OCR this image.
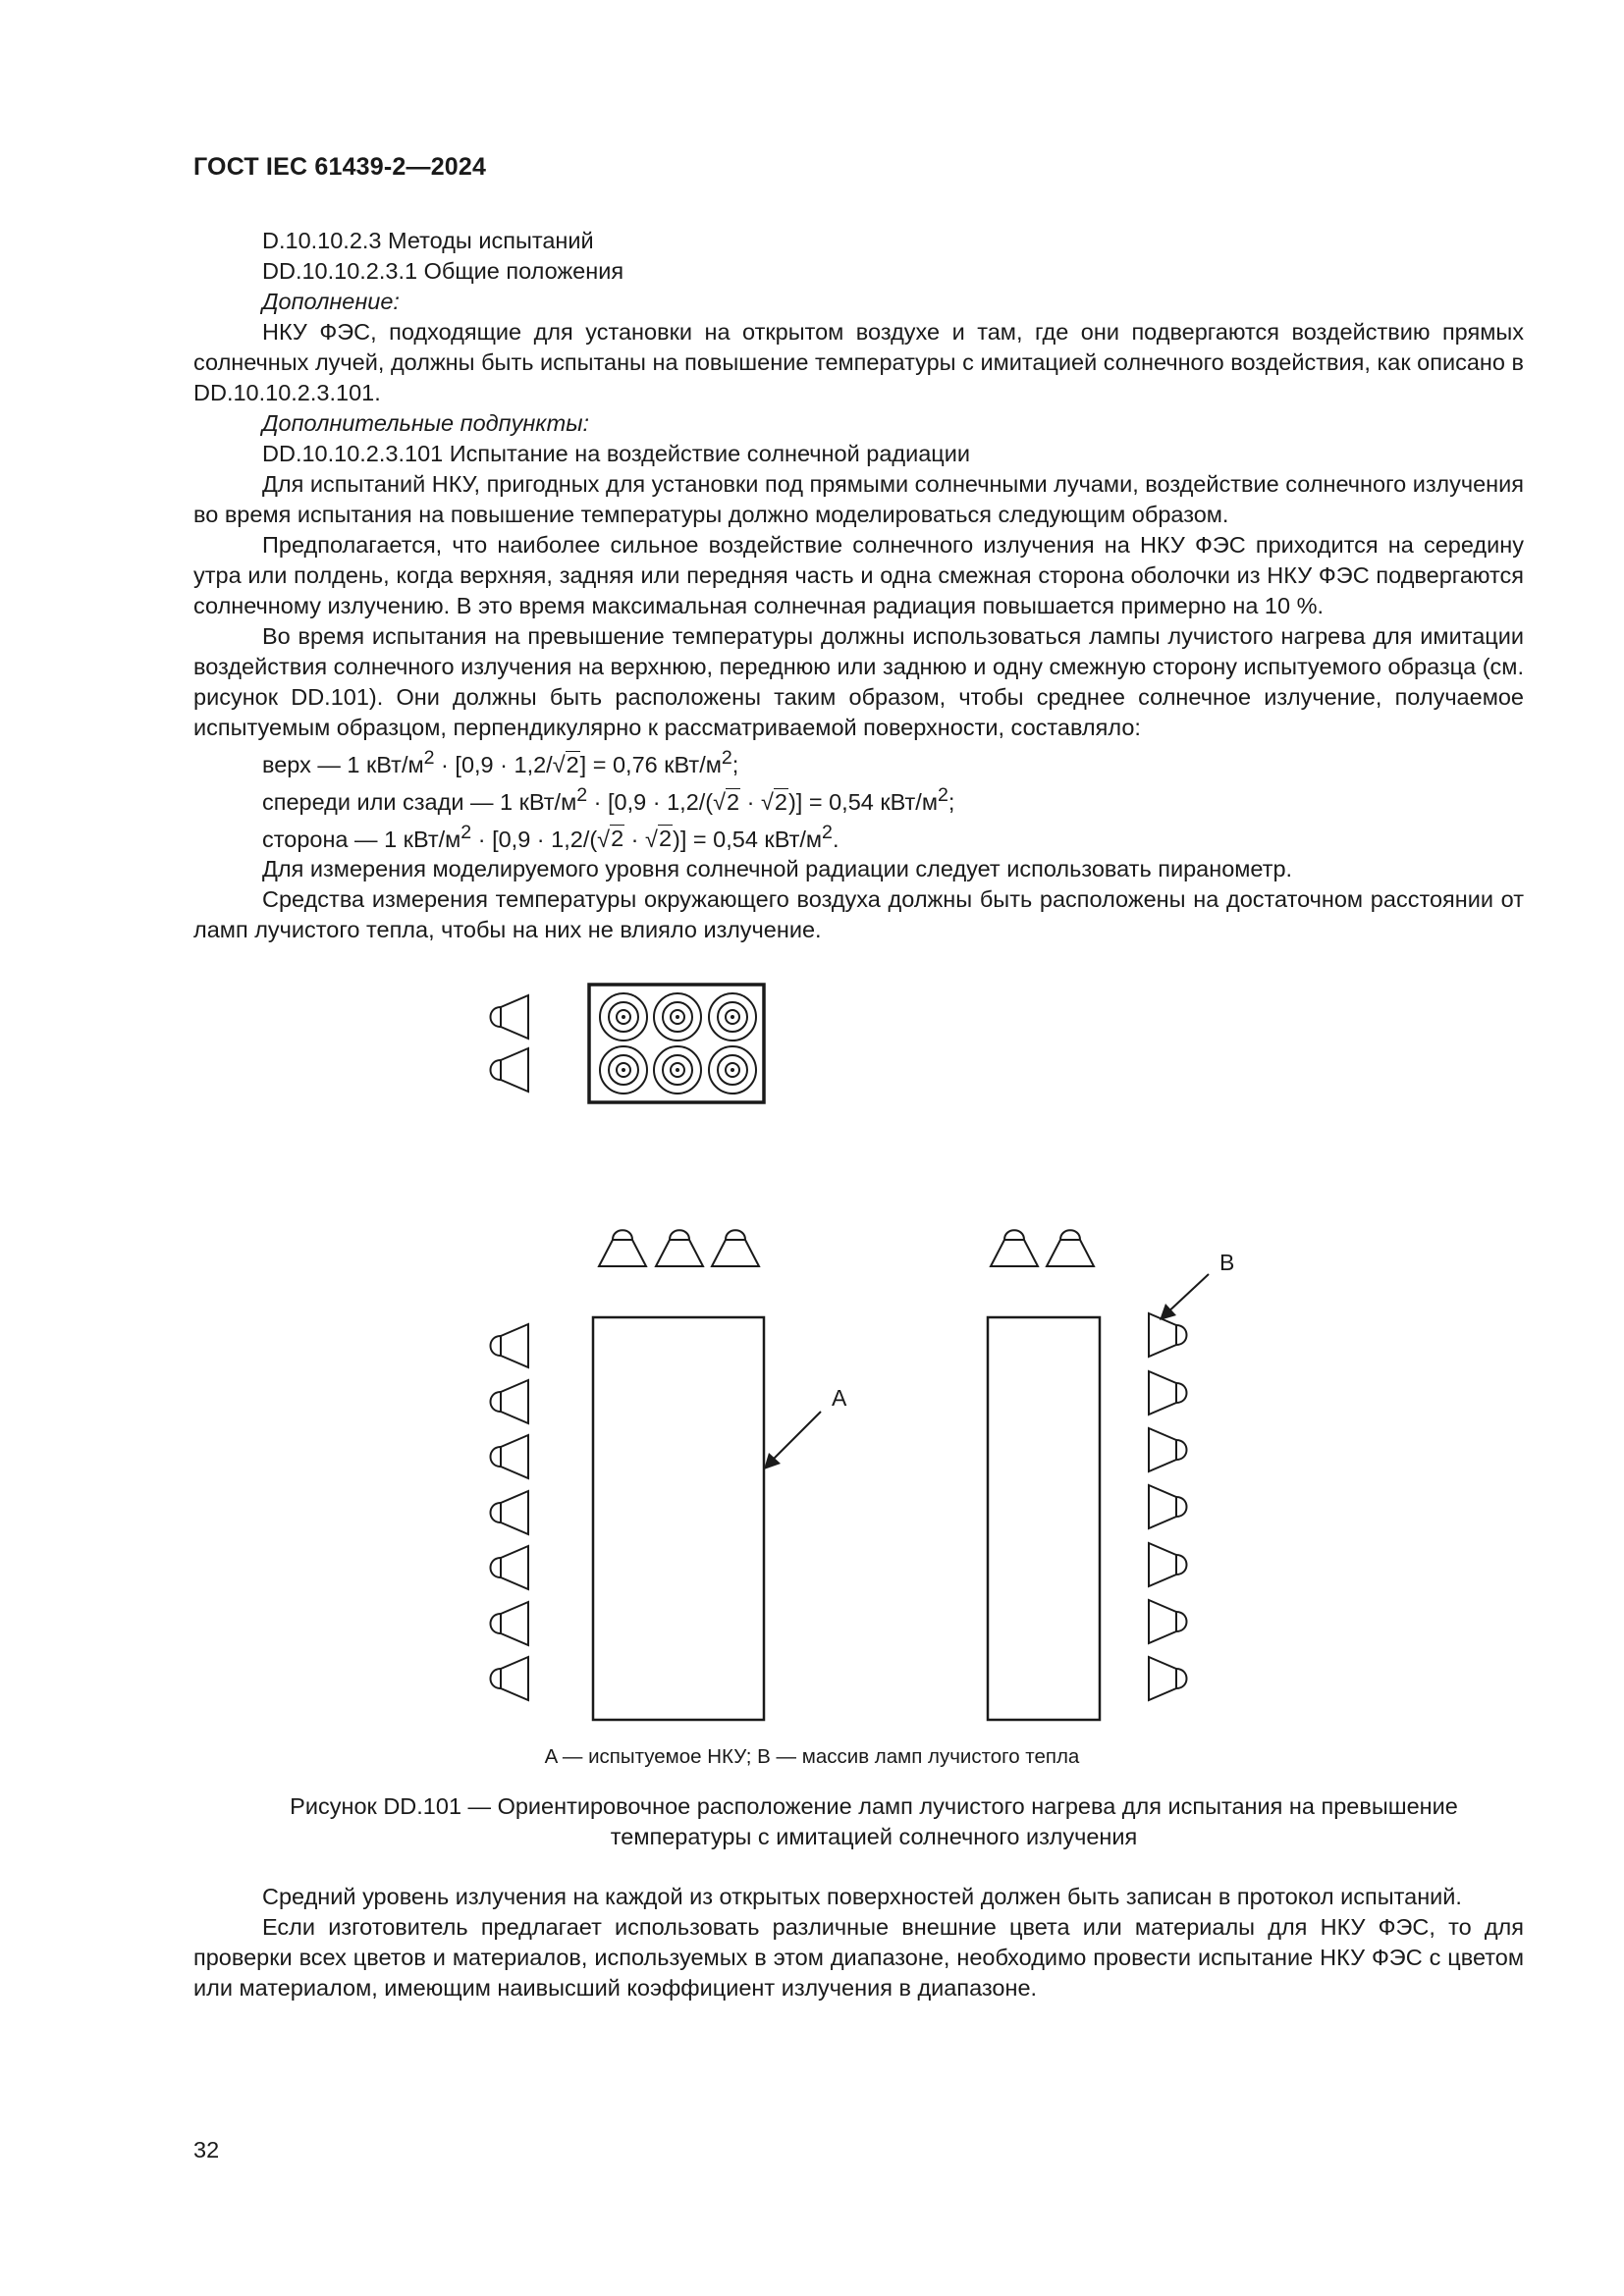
ГОСТ IEC 61439-2—2024

D.10.10.2.3 Методы испытаний

DD.10.10.2.3.1 Общие положения

Дополнение:

НКУ ФЭС, подходящие для установки на открытом воздухе и там, где они подвергаются воздействию прямых солнечных лучей, должны быть испытаны на повышение температуры с имитацией солнечного воздействия, как описано в DD.10.10.2.3.101.

Дополнительные подпункты:

DD.10.10.2.3.101 Испытание на воздействие солнечной радиации

Для испытаний НКУ, пригодных для установки под прямыми солнечными лучами, воздействие солнечного излучения во время испытания на повышение температуры должно моделироваться следующим образом.

Предполагается, что наиболее сильное воздействие солнечного излучения на НКУ ФЭС приходится на середину утра или полдень, когда верхняя, задняя или передняя часть и одна смежная сторона оболочки из НКУ ФЭС подвергаются солнечному излучению. В это время максимальная солнечная радиация повышается примерно на 10 %.

Во время испытания на превышение температуры должны использоваться лампы лучистого нагрева для имитации воздействия солнечного излучения на верхнюю, переднюю или заднюю и одну смежную сторону испытуемого образца (см. рисунок DD.101). Они должны быть расположены таким образом, чтобы среднее солнечное излучение, получаемое испытуемым образцом, перпендикулярно к рассматриваемой поверхности, составляло:

верх — 1 кВт/$м^2 \cdot [0,9 \cdot 1,2/√2] = 0,76$ кВт/$м^2$;

спереди или сзади — 1 кВт/$м^2 \cdot [0,9 \cdot 1,2/(√2 \cdot √2)] = 0,54$ кВт/$м^2$;

сторона — 1 кВт/$м^2 \cdot [0,9 \cdot 1,2/(√2 \cdot √2)] = 0,54$ кВт/$м^2$.

Для измерения моделируемого уровня солнечной радиации следует использовать пиранометр.

Средства измерения температуры окружающего воздуха должны быть расположены на достаточном расстоянии от ламп лучистого тепла, чтобы на них не влияло излучение.

A
B
A — испытуемое НКУ; B — массив ламп лучистого тепла
Рисунок DD.101 — Ориентировочное расположение ламп лучистого нагрева для испытания на превышение температуры с имитацией солнечного излучения

Средний уровень излучения на каждой из открытых поверхностей должен быть записан в протокол испытаний.

Если изготовитель предлагает использовать различные внешние цвета или материалы для НКУ ФЭС, то для проверки всех цветов и материалов, используемых в этом диапазоне, необходимо провести испытание НКУ ФЭС с цветом или материалом, имеющим наивысший коэффициент излучения в диапазоне.

32
